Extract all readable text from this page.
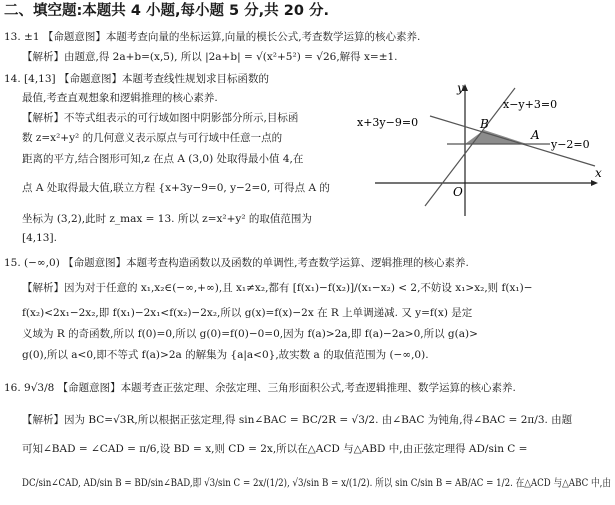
二、填空题:本题共 4 小题,每小题 5 分,共 20 分.
13. ±1 【命题意图】本题考查向量的坐标运算,向量的模长公式,考查数学运算的核心素养.
【解析】由题意,得 2a+b=(x,5), 所以 |2a+b| = √(x²+5²) = √26,解得 x=±1.
14. [4,13] 【命题意图】本题考查线性规划求目标函数的
最值,考查直观想象和逻辑推理的核心素养.
【解析】不等式组表示的可行域如图中阴影部分所示,目标函
数 z=x²+y² 的几何意义表示原点与可行域中任意一点的
距离的平方,结合图形可知,z 在点 A (3,0) 处取得最小值 4,在
点 A 处取得最大值,联立方程 {x+3y−9=0, y−2=0, 可得点 A 的
坐标为 (3,2),此时 z_max = 13. 所以 z=x²+y² 的取值范围为
[4,13].
x
y
O
B
A
x−y+3=0
x+3y−9=0
y−2=0
15. (−∞,0) 【命题意图】本题考查构造函数以及函数的单调性,考查数学运算、逻辑推理的核心素养.
【解析】因为对于任意的 x₁,x₂∈(−∞,+∞),且 x₁≠x₂,都有 [f(x₁)−f(x₂)]/(x₁−x₂) < 2,不妨设 x₁>x₂,则 f(x₁)−
f(x₂)<2x₁−2x₂,即 f(x₁)−2x₁<f(x₂)−2x₂,所以 g(x)=f(x)−2x 在 R 上单调递减. 又 y=f(x) 是定
义域为 R 的奇函数,所以 f(0)=0,所以 g(0)=f(0)−0=0,因为 f(a)>2a,即 f(a)−2a>0,所以 g(a)>
g(0),所以 a<0,即不等式 f(a)>2a 的解集为 {a|a<0},故实数 a 的取值范围为 (−∞,0).
16. 9√3/8 【命题意图】本题考查正弦定理、余弦定理、三角形面积公式,考查逻辑推理、数学运算的核心素养.
【解析】因为 BC=√3R,所以根据正弦定理,得 sin∠BAC = BC/2R = √3/2. 由∠BAC 为钝角,得∠BAC = 2π/3. 由题
可知∠BAD = ∠CAD = π/6,设 BD = x,则 CD = 2x,所以在△ACD 与△ABD 中,由正弦定理得 AD/sin C =
DC/sin∠CAD, AD/sin B = BD/sin∠BAD,即 √3/sin C = 2x/(1/2), √3/sin B = x/(1/2). 所以 sin C/sin B = AB/AC = 1/2. 在△ACD 与△ABC 中,由
